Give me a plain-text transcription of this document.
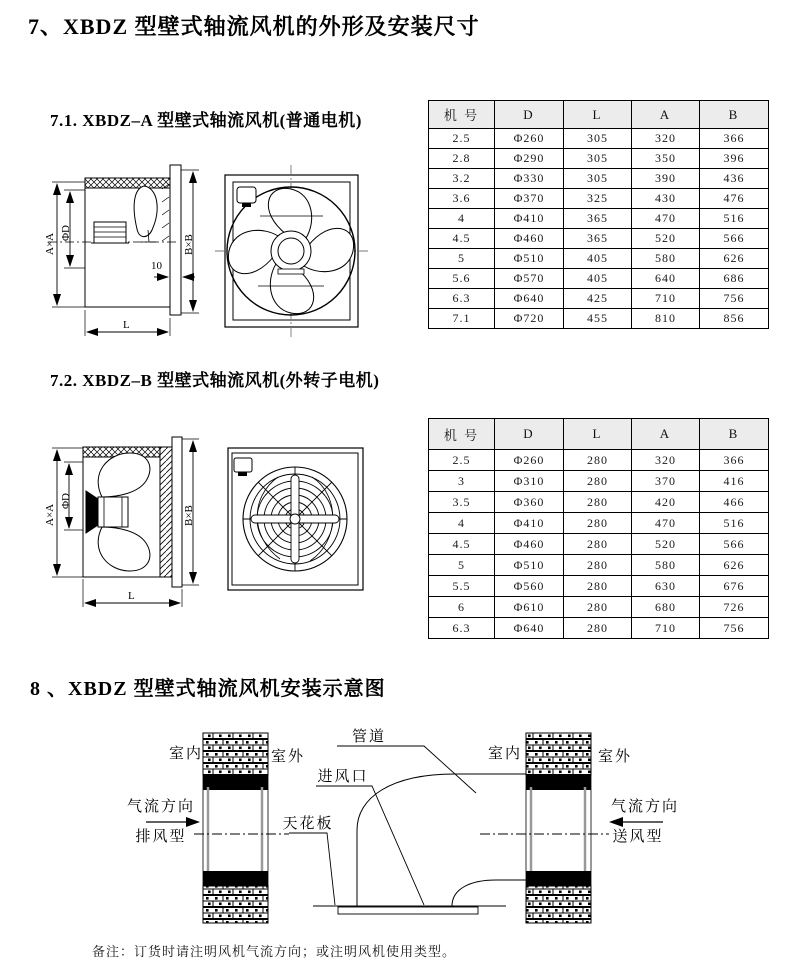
7、XBDZ 型壁式轴流风机的外形及安装尺寸
7.1. XBDZ–A 型壁式轴流风机(普通电机)
10
L
A×A ΦD
B×B
机 号	D	L	A	B
2.5	Φ260	305	320	366
2.8	Φ290	305	350	396
3.2	Φ330	305	390	436
3.6	Φ370	325	430	476
4	Φ410	365	470	516
4.5	Φ460	365	520	566
5	Φ510	405	580	626
5.6	Φ570	405	640	686
6.3	Φ640	425	710	756
7.1	Φ720	455	810	856
7.2. XBDZ–B 型壁式轴流风机(外转子电机)
L
A×A
ΦD
B×B
机 号	D	L	A	B
2.5	Φ260	280	320	366
3	Φ310	280	370	416
3.5	Φ360	280	420	466
4	Φ410	280	470	516
4.5	Φ460	280	520	566
5	Φ510	280	580	626
5.5	Φ560	280	630	676
6	Φ610	280	680	726
6.3	Φ640	280	710	756
8 、XBDZ 型壁式轴流风机安装示意图
室内	室外
气流方向
排风型
管道
进风口
天花板
室内	室外
气流方向
送风型
备注：订货时请注明风机气流方向；或注明风机使用类型。
